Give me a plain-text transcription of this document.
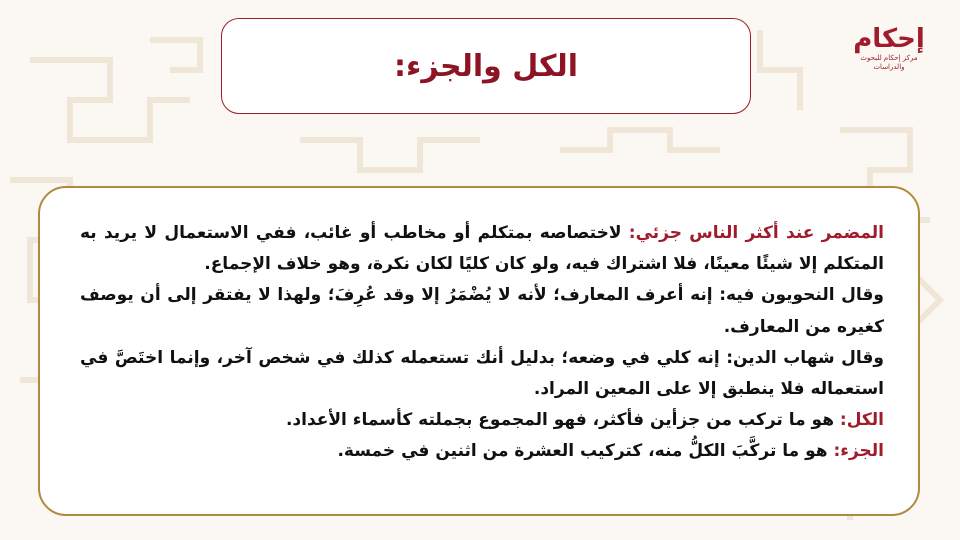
الكل والجزء:
إحكام
مركز إحكام للبحوث والدراسات

المضمر عند أكثر الناس جزئي: لاختصاصه بمتكلم أو مخاطب أو غائب، ففي الاستعمال لا يريد به المتكلم إلا شيئًا معينًا، فلا اشتراك فيه، ولو كان كليًا لكان نكرة، وهو خلاف الإجماع.

وقال النحويون فيه: إنه أعرف المعارف؛ لأنه لا يُضْمَرُ إلا وقد عُرِفَ؛ ولهذا لا يفتقر إلى أن يوصف كغيره من المعارف.

وقال شهاب الدين: إنه كلي في وضعه؛ بدليل أنك تستعمله كذلك في شخص آخر، وإنما اختَصَّ في استعماله فلا ينطبق إلا على المعين المراد.

الكل: هو ما تركب من جزأين فأكثر، فهو المجموع بجملته كأسماء الأعداد.

الجزء: هو ما تركَّبَ الكلُّ منه، كتركيب العشرة من اثنين في خمسة.
